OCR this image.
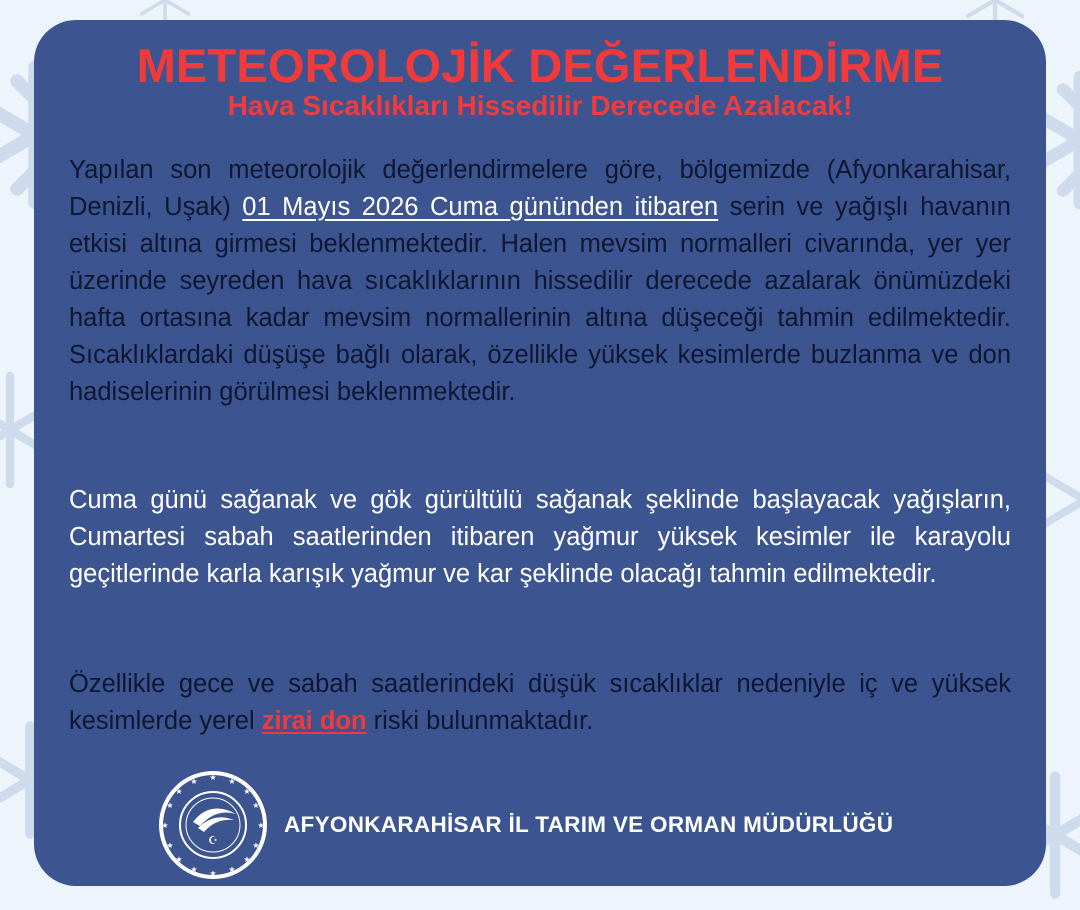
METEOROLOJİK DEĞERLENDİRME
Hava Sıcaklıkları Hissedilir Derecede Azalacak!

Yapılan son meteorolojik değerlendirmelere göre, bölgemizde (Afyonkarahisar, Denizli, Uşak) 01 Mayıs 2026 Cuma gününden itibaren serin ve yağışlı havanın etkisi altına girmesi beklenmektedir. Halen mevsim normalleri civarında, yer yer üzerinde seyreden hava sıcaklıklarının hissedilir derecede azalarak önümüzdeki hafta ortasına kadar mevsim normallerinin altına düşeceği tahmin edilmektedir. Sıcaklıklardaki düşüşe bağlı olarak, özellikle yüksek kesimlerde buzlanma ve don hadiselerinin görülmesi beklenmektedir.

Cuma günü sağanak ve gök gürültülü sağanak şeklinde başlayacak yağışların, Cumartesi sabah saatlerinden itibaren yağmur yüksek kesimler ile karayolu geçitlerinde karla karışık yağmur ve kar şeklinde olacağı tahmin edilmektedir.

Özellikle gece ve sabah saatlerindeki düşük sıcaklıklar nedeniyle iç ve yüksek kesimlerde yerel zirai don riski bulunmaktadır.

★
★
★	★
★	★
★	★
★	★
★	★
★	★
★	★
☪
AFYONKARAHİSAR İL TARIM VE ORMAN MÜDÜRLÜĞÜ
